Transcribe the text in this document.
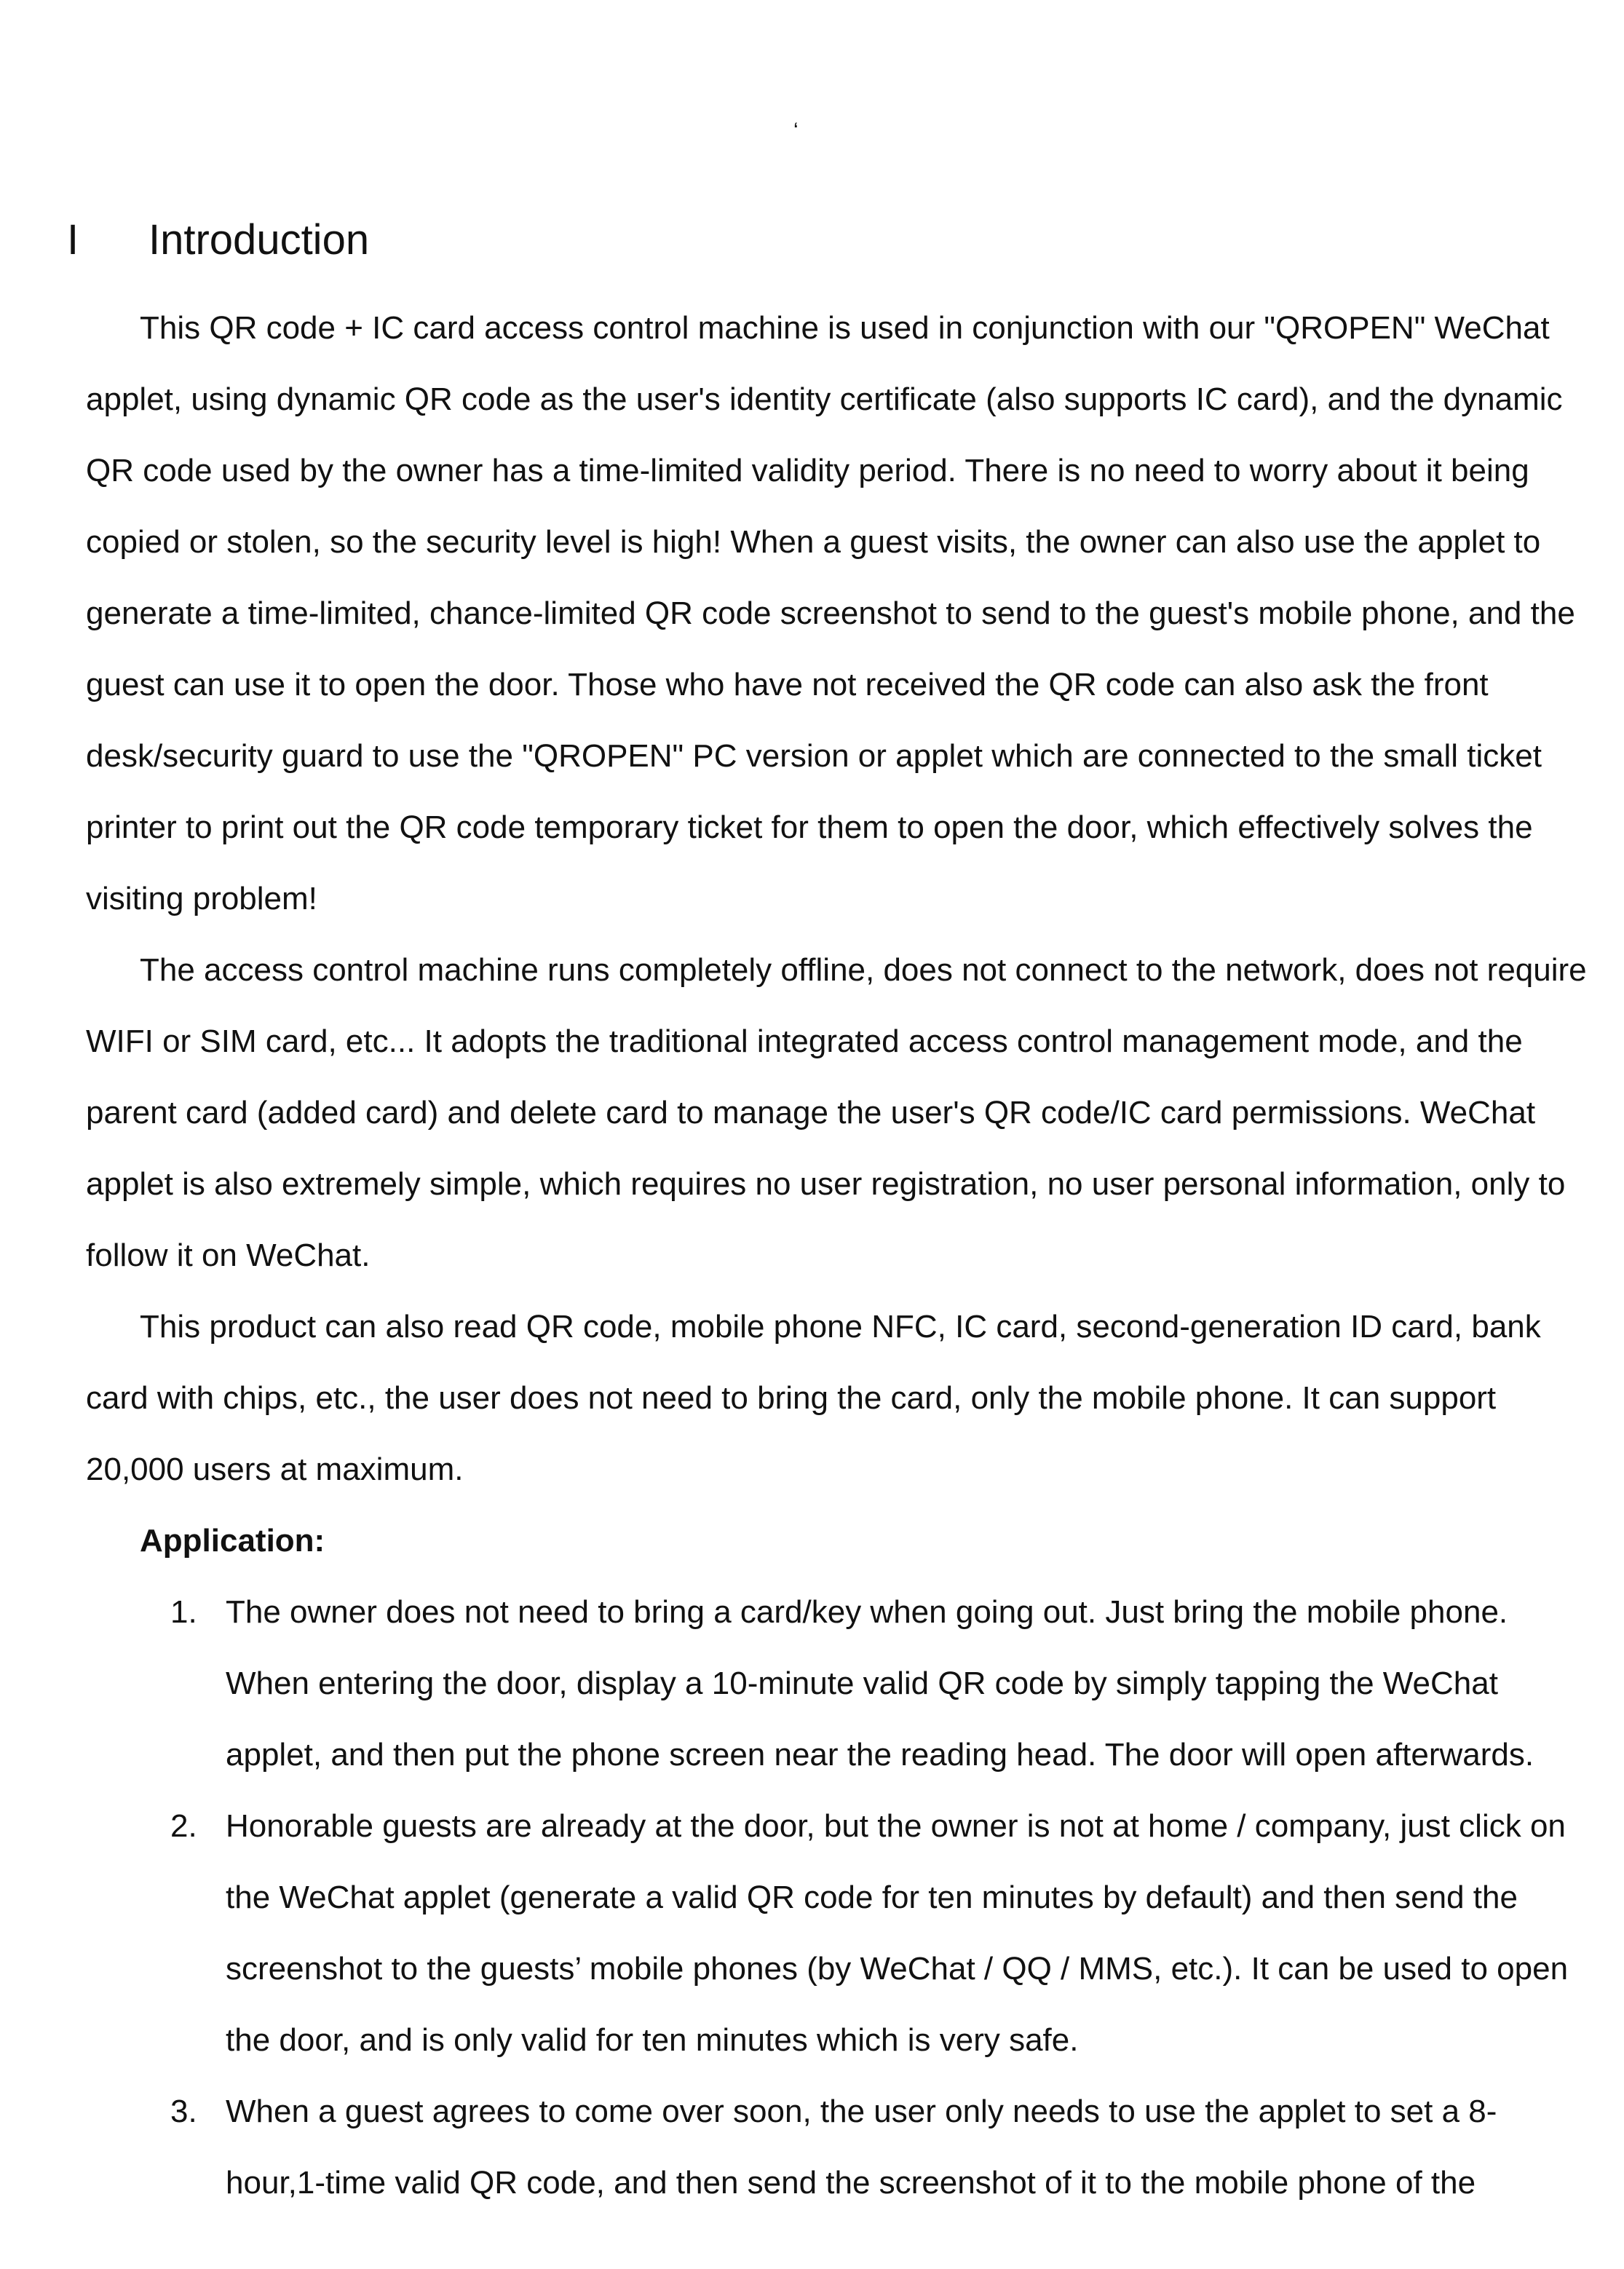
‘
I Introduction

This QR code + IC card access control machine is used in conjunction with our "QROPEN" WeChat applet, using dynamic QR code as the user's identity certificate (also supports IC card), and the dynamic QR code used by the owner has a time-limited validity period. There is no need to worry about it being copied or stolen, so the security level is high! When a guest visits, the owner can also use the applet to generate a time-limited, chance-limited QR code screenshot to send to the guest's mobile phone, and the guest can use it to open the door. Those who have not received the QR code can also ask the front desk/security guard to use the "QROPEN" PC version or applet which are connected to the small ticket printer to print out the QR code temporary ticket for them to open the door, which effectively solves the visiting problem!

The access control machine runs completely offline, does not connect to the network, does not require WIFI or SIM card, etc... It adopts the traditional integrated access control management mode, and the parent card (added card) and delete card to manage the user's QR code/IC card permissions. WeChat applet is also extremely simple, which requires no user registration, no user personal information, only to follow it on WeChat.

This product can also read QR code, mobile phone NFC, IC card, second-generation ID card, bank card with chips, etc., the user does not need to bring the card, only the mobile phone. It can support 20,000 users at maximum.

Application:

1. The owner does not need to bring a card/key when going out. Just bring the mobile phone. When entering the door, display a 10-minute valid QR code by simply tapping the WeChat applet, and then put the phone screen near the reading head. The door will open afterwards.
2. Honorable guests are already at the door, but the owner is not at home / company, just click on the WeChat applet (generate a valid QR code for ten minutes by default) and then send the screenshot to the guests’ mobile phones (by WeChat / QQ / MMS, etc.). It can be used to open the door, and is only valid for ten minutes which is very safe.
3. When a guest agrees to come over soon, the user only needs to use the applet to set a 8-hour,1-time valid QR code, and then send the screenshot of it to the mobile phone of the
